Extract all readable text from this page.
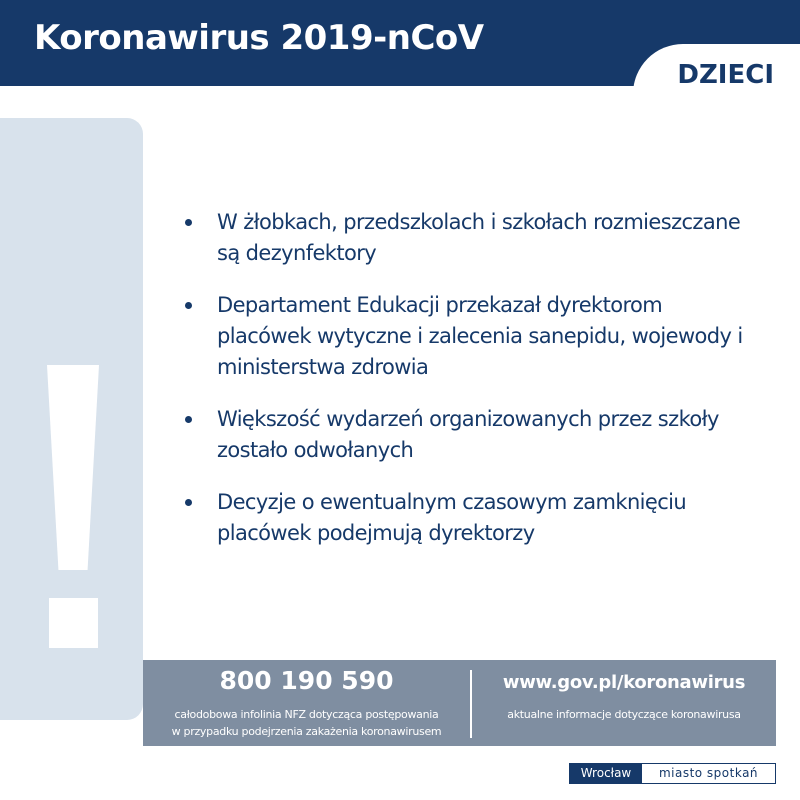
Koronawirus 2019-nCoV
DZIECI
W żłobkach, przedszkolach i szkołach rozmieszczane są dezynfektory
Departament Edukacji przekazał dyrektorom placówek wytyczne i zalecenia sanepidu, wojewody i ministerstwa zdrowia
Większość wydarzeń organizowanych przez szkoły zostało odwołanych
Decyzje o ewentualnym czasowym zamknięciu placówek podejmują dyrektorzy
800 190 590
całodobowa infolinia NFZ dotycząca postępowania
w przypadku podejrzenia zakażenia koronawirusem
www.gov.pl/koronawirus
aktualne informacje dotyczące koronawirusa
Wrocław	miasto spotkań
